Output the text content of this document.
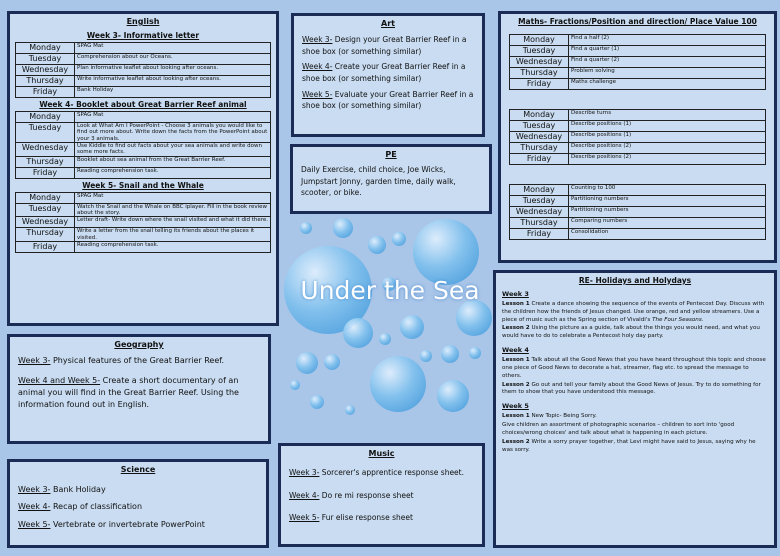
English
Week 3- Informative letter
Monday	SPAG Mat
Tuesday	Comprehension about our Oceans.
Wednesday	Plan informative leaflet about looking after oceans.
Thursday	Write informative leaflet about looking after oceans.
Friday	Bank Holiday
Week 4- Booklet about Great Barrier Reef animal
Monday	SPAG Mat
Tuesday	Look at What Am I PowerPoint - Choose 3 animals you would like to find out more about. Write down the facts from the PowerPoint about your 3 animals.
Wednesday	Use Kiddle to find out facts about your sea animals and write down some more facts.
Thursday	Booklet about sea animal from the Great Barrier Reef.
Friday	Reading comprehension task.
Week 5- Snail and the Whale
Monday	SPAG Mat
Tuesday	Watch the Snail and the Whale on BBC iplayer. Fill in the book review about the story.
Wednesday	Letter draft- Write down where the snail visited and what it did there.
Thursday	Write a letter from the snail telling its friends about the places it visited.
Friday	Reading comprehension task.
Art
Week 3- Design your Great Barrier Reef in a shoe box (or something similar)
Week 4- Create your Great Barrier Reef in a shoe box (or something similar)
Week 5- Evaluate your Great Barrier Reef in a shoe box (or something similar)
PE
Daily Exercise, child choice, Joe Wicks, Jumpstart Jonny, garden time, daily walk, scooter, or bike.
Maths- Fractions/Position and direction/ Place Value 100
Monday	Find a half (2)
Tuesday	Find a quarter (1)
Wednesday	Find a quarter (2)
Thursday	Problem solving
Friday	Maths challenge
Monday	Describe turns
Tuesday	Describe positions (1)
Wednesday	Describe positions (1)
Thursday	Describe positions (2)
Friday	Describe positions (2)
Monday	Counting to 100
Tuesday	Partitioning numbers
Wednesday	Partitioning numbers
Thursday	Comparing numbers
Friday	Consolidation
Under the Sea
Geography
Week 3- Physical features of the Great Barrier Reef.
Week 4 and Week 5- Create a short documentary of an animal you will find in the Great Barrier Reef. Using the information found out in English.
Science
Week 3- Bank Holiday
Week 4- Recap of classification
Week 5- Vertebrate or invertebrate PowerPoint
Music
Week 3- Sorcerer's apprentice response sheet.
Week 4- Do re mi response sheet
Week 5- Fur elise response sheet
RE- Holidays and Holydays
Week 3

Lesson 1 Create a dance showing the sequence of the events of Pentecost Day. Discuss with the children how the friends of Jesus changed. Use orange, red and yellow streamers. Use a piece of music such as the Spring section of Vivaldi's The Four Seasons.

Lesson 2 Using the picture as a guide, talk about the things you would need, and what you would have to do to celebrate a Pentecost holy day party.

Week 4

Lesson 1 Talk about all the Good News that you have heard throughout this topic and choose one piece of Good News to decorate a hat, streamer, flag etc. to spread the message to others.

Lesson 2 Go out and tell your family about the Good News of Jesus. Try to do something for them to show that you have understood this message.

Week 5

Lesson 1 New Topic- Being Sorry.

Give children an assortment of photographic scenarios – children to sort into 'good choices/wrong choices' and talk about what is happening in each picture.

Lesson 2 Write a sorry prayer together, that Levi might have said to Jesus, saying why he was sorry.
